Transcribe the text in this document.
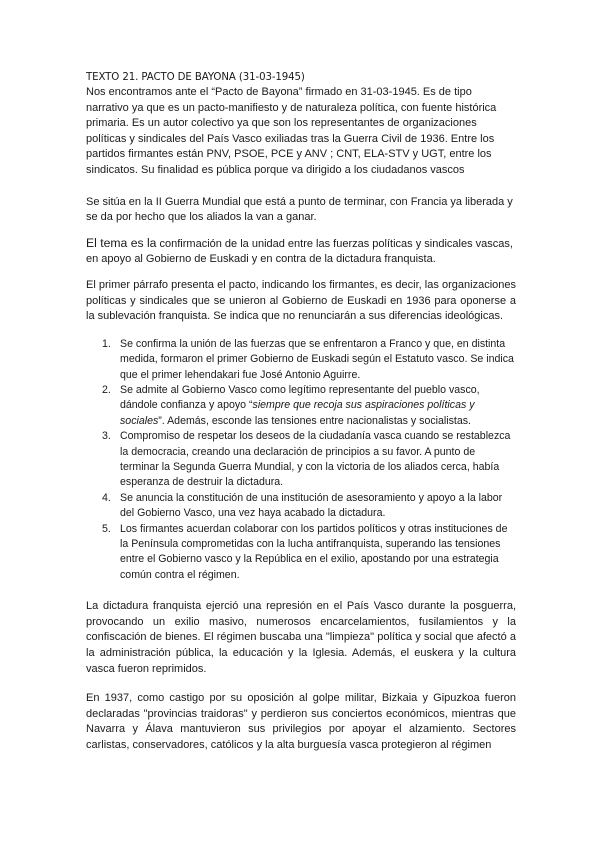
TEXTO 21. PACTO DE BAYONA (31-03-1945)

Nos encontramos ante el “Pacto de Bayona” firmado en 31-03-1945. Es de tipo narrativo ya que es un pacto-manifiesto y de naturaleza política, con fuente histórica primaria. Es un autor colectivo ya que son los representantes de organizaciones políticas y sindicales del País Vasco exiliadas tras la Guerra Civil de 1936. Entre los partidos firmantes están PNV, PSOE, PCE y ANV ; CNT, ELA-STV y UGT, entre los sindicatos. Su finalidad es pública porque va dirigido a los ciudadanos vascos

Se sitúa en la II Guerra Mundial que está a punto de terminar, con Francia ya liberada y se da por hecho que los aliados la van a ganar.

El tema es la confirmación de la unidad entre las fuerzas políticas y sindicales vascas, en apoyo al Gobierno de Euskadi y en contra de la dictadura franquista.

El primer párrafo presenta el pacto, indicando los firmantes, es decir, las organizaciones políticas y sindicales que se unieron al Gobierno de Euskadi en 1936 para oponerse a la sublevación franquista. Se indica que no renunciarán a sus diferencias ideológicas.

1. Se confirma la unión de las fuerzas que se enfrentaron a Franco y que, en distinta medida, formaron el primer Gobierno de Euskadi según el Estatuto vasco. Se indica que el primer lehendakari fue José Antonio Aguirre.
2. Se admite al Gobierno Vasco como legítimo representante del pueblo vasco, dándole confianza y apoyo “siempre que recoja sus aspiraciones políticas y sociales”. Además, esconde las tensiones entre nacionalistas y socialistas.
3. Compromiso de respetar los deseos de la ciudadanía vasca cuando se restablezca la democracia, creando una declaración de principios a su favor. A punto de terminar la Segunda Guerra Mundial, y con la victoria de los aliados cerca, había esperanza de destruir la dictadura.
4. Se anuncia la constitución de una institución de asesoramiento y apoyo a la labor del Gobierno Vasco, una vez haya acabado la dictadura.
5. Los firmantes acuerdan colaborar con los partidos políticos y otras instituciones de la Península comprometidas con la lucha antifranquista, superando las tensiones entre el Gobierno vasco y la República en el exilio, apostando por una estrategia común contra el régimen.

La dictadura franquista ejerció una represión en el País Vasco durante la posguerra, provocando un exilio masivo, numerosos encarcelamientos, fusilamientos y la confiscación de bienes. El régimen buscaba una "limpieza" política y social que afectó a la administración pública, la educación y la Iglesia. Además, el euskera y la cultura vasca fueron reprimidos.

En 1937, como castigo por su oposición al golpe militar, Bizkaia y Gipuzkoa fueron declaradas "provincias traidoras" y perdieron sus conciertos económicos, mientras que Navarra y Álava mantuvieron sus privilegios por apoyar el alzamiento. Sectores carlistas, conservadores, católicos y la alta burguesía vasca protegieron al régimen
